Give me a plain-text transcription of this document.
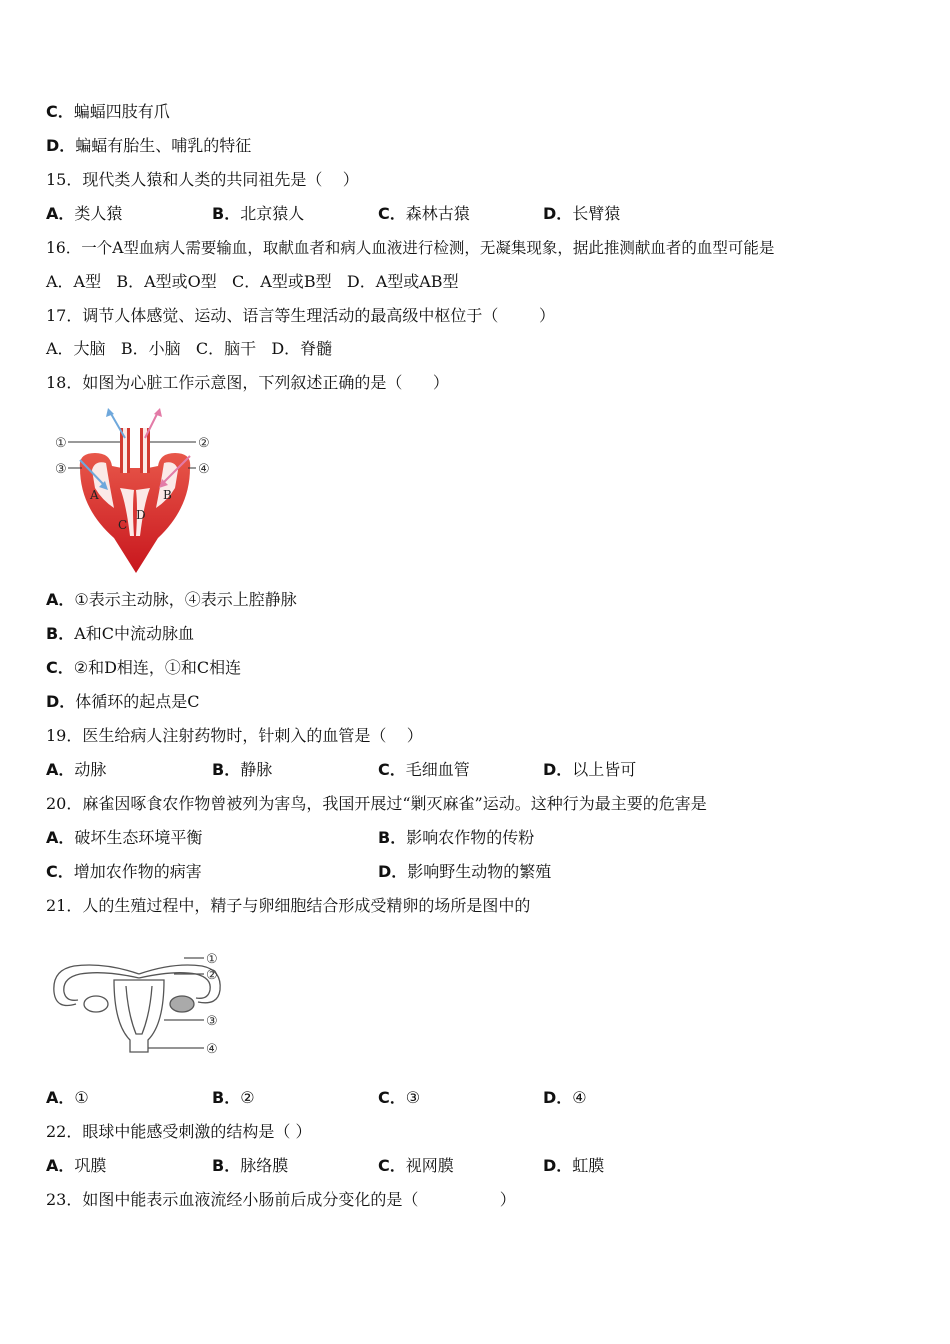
C．蝙蝠四肢有爪
D．蝙蝠有胎生、哺乳的特征
15．现代类人猿和人类的共同祖先是（    ）
A．类人猿	B．北京猿人	C．森林古猿	D．长臂猿
16．一个A型血病人需要输血，取献血者和病人血液进行检测，无凝集现象，据此推测献血者的血型可能是
A．A型   B．A型或O型   C．A型或B型   D．A型或AB型
17．调节人体感觉、运动、语言等生理活动的最高级中枢位于（        ）
A．大脑   B．小脑   C．脑干   D．脊髓
18．如图为心脏工作示意图，下列叙述正确的是（      ）
①	②
③	④
A	B
C
D
A．①表示主动脉，④表示上腔静脉
B．A和C中流动脉血
C．②和D相连，①和C相连
D．体循环的起点是C
19．医生给病人注射药物时，针刺入的血管是（    ）
A．动脉	B．静脉	C．毛细血管	D．以上皆可
20．麻雀因啄食农作物曾被列为害鸟，我国开展过“剿灭麻雀”运动。这种行为最主要的危害是
A．破坏生态环境平衡	B．影响农作物的传粉
C．增加农作物的病害	D．影响野生动物的繁殖
21．人的生殖过程中，精子与卵细胞结合形成受精卵的场所是图中的
①
②
③
④
A．①	B．②	C．③	D．④
22．眼球中能感受刺激的结构是（ ）
A．巩膜	B．脉络膜	C．视网膜	D．虹膜
23．如图中能表示血液流经小肠前后成分变化的是（                ）
